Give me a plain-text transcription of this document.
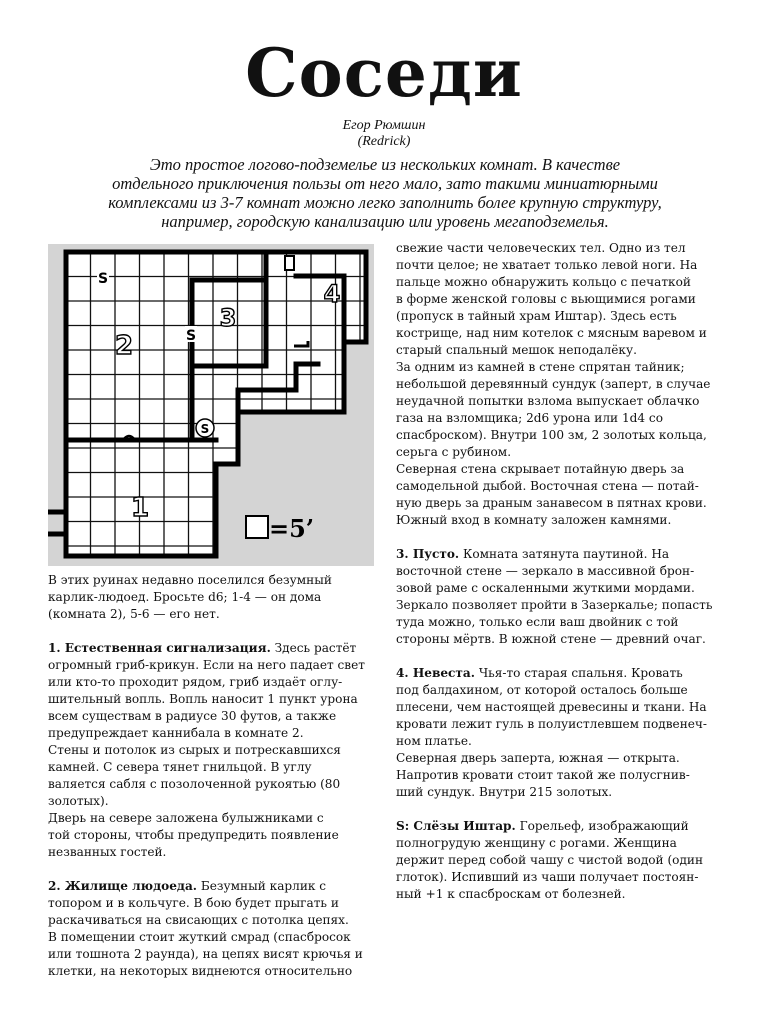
Соседи
Егор Рюмшин
(Redrick)

Это простое логово-подземелье из нескольких комнат. В качестве

отдельного приключения пользы от него мало, зато такими миниатюрными

комплексами из 3-7 комнат можно легко заполнить более крупную структуру,

например, городскую канализацию или уровень мегаподземелья.

1
2
3
4
S
S
S
=5’

В этих руинах недавно поселился безумный
карлик-людоед. Бросьте d6; 1-4 — он дома
(комната 2), 5-6 — его нет.

1. Естественная сигнализация. Здесь растёт
огромный гриб-крикун. Если на него падает свет
или кто-то проходит рядом, гриб издаёт оглу-
шительный вопль. Вопль наносит 1 пункт урона
всем существам в радиусе 30 футов, а также
предупреждает каннибала в комнате 2.
Стены и потолок из сырых и потрескавшихся
камней. С севера тянет гнильцой. В углу
валяется сабля с позолоченной рукоятью (80
золотых).
Дверь на севере заложена булыжниками с
той стороны, чтобы предупредить появление
незванных гостей.

2. Жилище людоеда. Безумный карлик с
топором и в кольчуге. В бою будет прыгать и
раскачиваться на свисающих с потолка цепях.
В помещении стоит жуткий смрад (спасбросок
или тошнота 2 раунда), на цепях висят крючья и
клетки, на некоторых виднеются относительно

свежие части человеческих тел. Одно из тел
почти целое; не хватает только левой ноги. На
пальце можно обнаружить кольцо с печаткой
в форме женской головы с вьющимися рогами
(пропуск в тайный храм Иштар). Здесь есть
кострище, над ним котелок с мясным варевом и
старый спальный мешок неподалёку.
За одним из камней в стене спрятан тайник;
небольшой деревянный сундук (заперт, в случае
неудачной попытки взлома выпускает облачко
газа на взломщика; 2d6 урона или 1d4 со
спасброском). Внутри 100 зм, 2 золотых кольца,
серьга с рубином.
Северная стена скрывает потайную дверь за
самодельной дыбой. Восточная стена — потай-
ную дверь за драным занавесом в пятнах крови.
Южный вход в комнату заложен камнями.

3. Пусто. Комната затянута паутиной. На
восточной стене — зеркало в массивной брон-
зовой раме с оскаленными жуткими мордами.
Зеркало позволяет пройти в Зазеркалье; попасть
туда можно, только если ваш двойник с той
стороны мёртв. В южной стене — древний очаг.

4. Невеста. Чья-то старая спальня. Кровать
под балдахином, от которой осталось больше
плесени, чем настоящей древесины и ткани. На
кровати лежит гуль в полуистлевшем подвенеч-
ном платье.
Северная дверь заперта, южная — открыта.
Напротив кровати стоит такой же полусгнив-
ший сундук. Внутри 215 золотых.

S: Слёзы Иштар. Горельеф, изображающий
полногрудую женщину с рогами. Женщина
держит перед собой чашу с чистой водой (один
глоток). Испивший из чаши получает постоян-
ный +1 к спасброскам от болезней.
